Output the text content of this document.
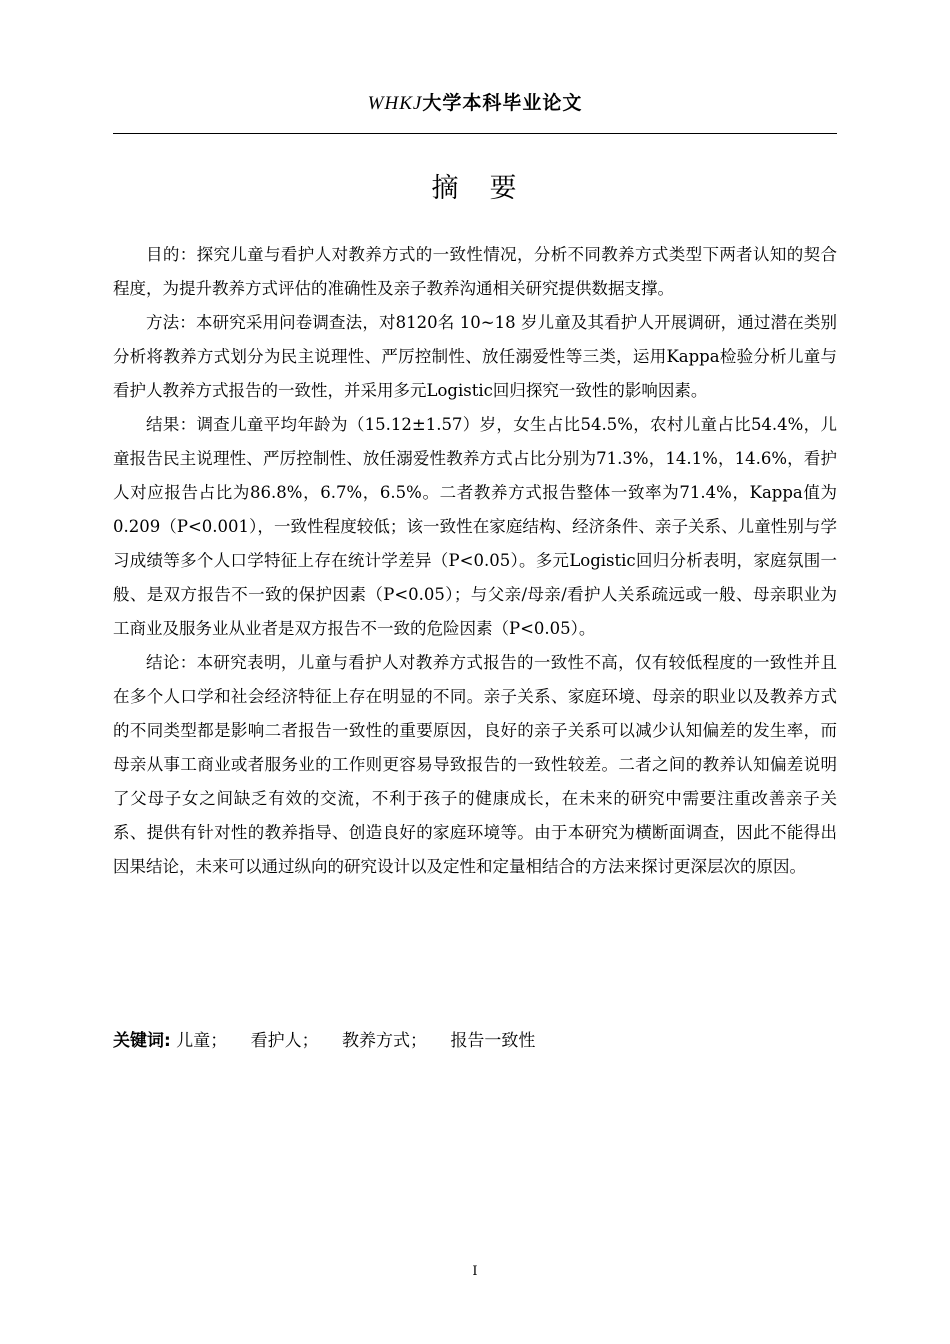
WHKJ大学本科毕业论文
摘　要

目的：探究儿童与看护人对教养方式的一致性情况，分析不同教养方式类型下两者认知的契合程度，为提升教养方式评估的准确性及亲子教养沟通相关研究提供数据支撑。

方法：本研究采用问卷调查法，对8120名 10~18 岁儿童及其看护人开展调研，通过潜在类别分析将教养方式划分为民主说理性、严厉控制性、放任溺爱性等三类，运用Kappa检验分析儿童与看护人教养方式报告的一致性，并采用多元Logistic回归探究一致性的影响因素。

结果：调查儿童平均年龄为（15.12±1.57）岁，女生占比54.5%，农村儿童占比54.4%，儿童报告民主说理性、严厉控制性、放任溺爱性教养方式占比分别为71.3%，14.1%，14.6%，看护人对应报告占比为86.8%，6.7%，6.5%。二者教养方式报告整体一致率为71.4%，Kappa值为0.209（P<0.001），一致性程度较低；该一致性在家庭结构、经济条件、亲子关系、儿童性别与学习成绩等多个人口学特征上存在统计学差异（P<0.05）。多元Logistic回归分析表明，家庭氛围一般、是双方报告不一致的保护因素（P<0.05）；与父亲/母亲/看护人关系疏远或一般、母亲职业为工商业及服务业从业者是双方报告不一致的危险因素（P<0.05）。

结论：本研究表明，儿童与看护人对教养方式报告的一致性不高，仅有较低程度的一致性并且在多个人口学和社会经济特征上存在明显的不同。亲子关系、家庭环境、母亲的职业以及教养方式的不同类型都是影响二者报告一致性的重要原因，良好的亲子关系可以减少认知偏差的发生率，而母亲从事工商业或者服务业的工作则更容易导致报告的一致性较差。二者之间的教养认知偏差说明了父母子女之间缺乏有效的交流，不利于孩子的健康成长，在未来的研究中需要注重改善亲子关系、提供有针对性的教养指导、创造良好的家庭环境等。由于本研究为横断面调查，因此不能得出因果结论，未来可以通过纵向的研究设计以及定性和定量相结合的方法来探讨更深层次的原因。

关键词: 儿童； 看护人； 教养方式； 报告一致性
I
